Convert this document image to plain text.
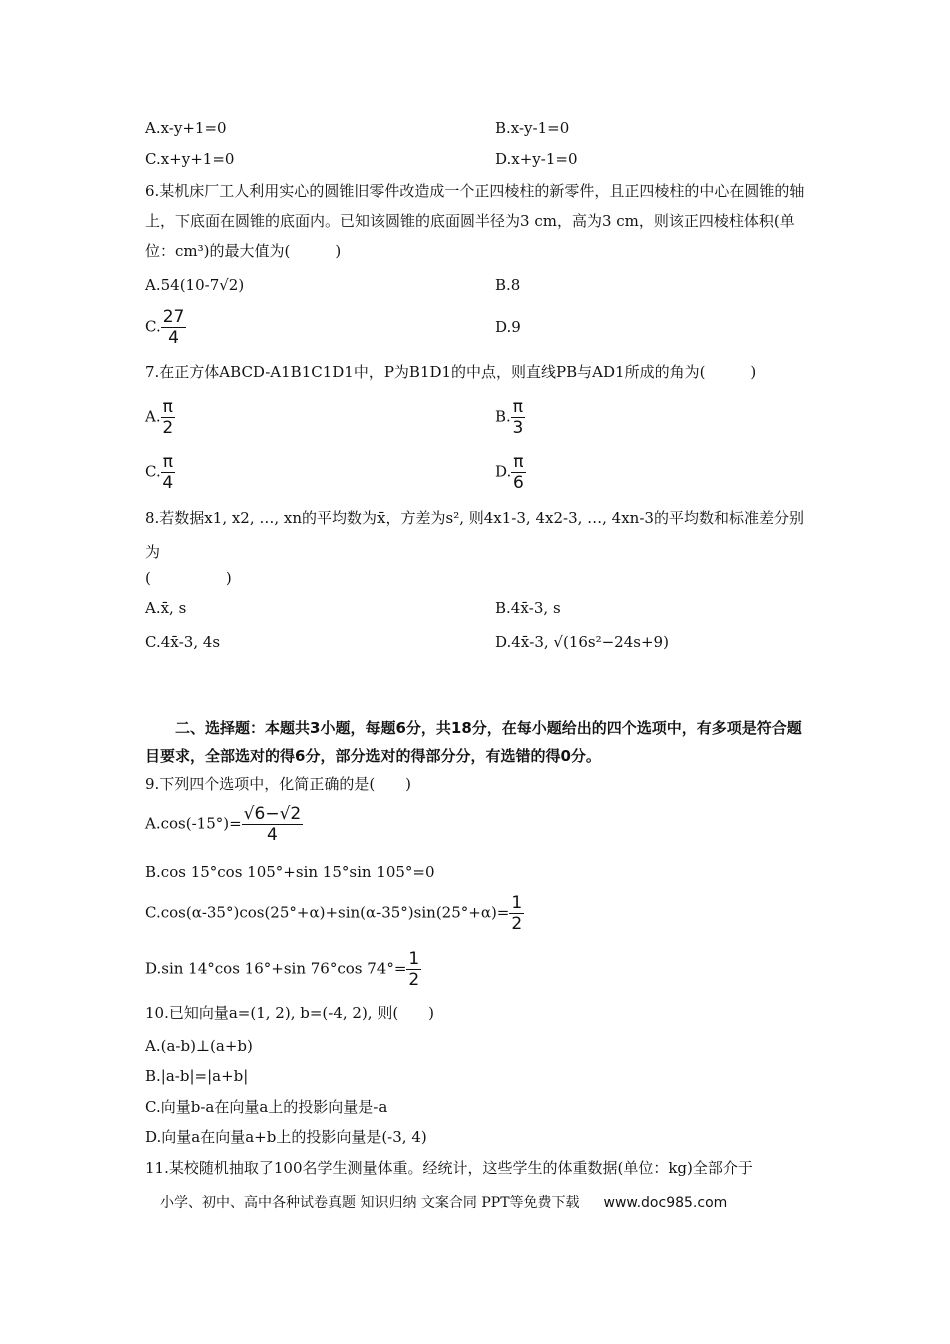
A.x-y+1=0	B.x-y-1=0
C.x+y+1=0	D.x+y-1=0
6.某机床厂工人利用实心的圆锥旧零件改造成一个正四棱柱的新零件，且正四棱柱的中心在圆锥的轴上，下底面在圆锥的底面内。已知该圆锥的底面圆半径为3 cm，高为3 cm，则该正四棱柱体积(单位：cm³)的最大值为(　　　)
A.54(10-7√2)	B.8
C. $\frac{27}{4}$	D.9
7.在正方体ABCD-A1B1C1D1中，P为B1D1的中点，则直线PB与AD1所成的角为(　　　)
A. $\frac{\pi}{2}$	B. $\frac{\pi}{3}$
C. $\frac{\pi}{4}$	D. $\frac{\pi}{6}$
8.若数据x1, x2, …, xn的平均数为x̄，方差为s², 则4x1-3, 4x2-3, …, 4xn-3的平均数和标准差分别为
(　　　　　)
A.x̄, s	B.4x̄-3, s
C.4x̄-3, 4s	D.4x̄-3, √(16s²−24s+9)
二、选择题：本题共3小题，每题6分，共18分，在每小题给出的四个选项中，有多项是符合题目要求，全部选对的得6分，部分选对的得部分分，有选错的得0分。
9.下列四个选项中，化简正确的是(　　)
$A.\cos(-15^\circ)= \frac{√6-√2}{4}$
B.cos 15°cos 105°+sin 15°sin 105°=0
$C.\cos(\alpha-35^\circ)\cos(25^\circ+\alpha)+\sin(\alpha-35^\circ)\sin(25^\circ+\alpha)= \frac{1}{2}$
D.sin 14°cos 16°+sin 76°cos $74^\circ= \frac{1}{2}$
10.已知向量a=(1, 2), b=(-4, 2), 则(　　)
A.(a-b)⊥(a+b)
B.|a-b|=|a+b|
C.向量b-a在向量a上的投影向量是-a
D.向量a在向量a+b上的投影向量是(-3, 4)
11.某校随机抽取了100名学生测量体重。经统计，这些学生的体重数据(单位：kg)全部介于
小学、初中、高中各种试卷真题 知识归纳 文案合同 PPT等免费下载 www.doc985.com
